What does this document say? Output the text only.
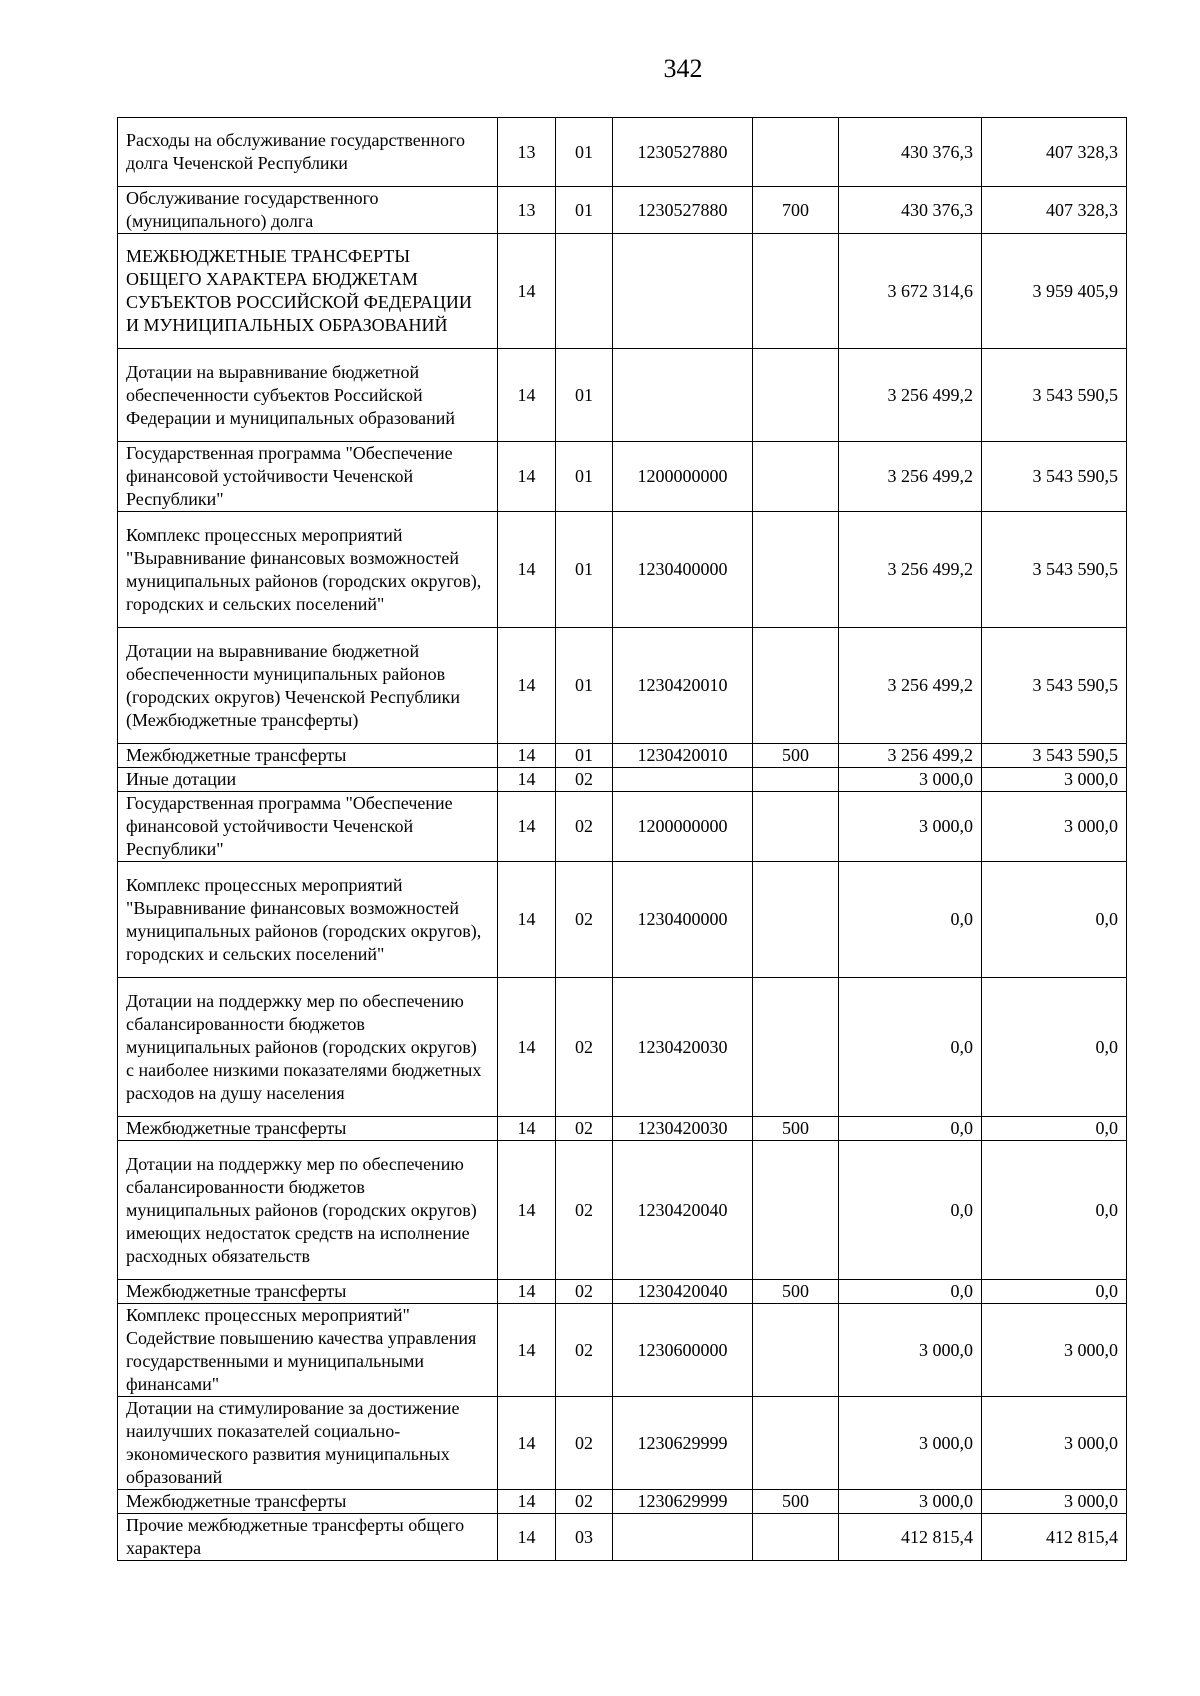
342
Расходы на обслуживание государственного долга Чеченской Республики	13	01	1230527880		430 376,3	407 328,3
Обслуживание государственного (муниципального) долга	13	01	1230527880	700	430 376,3	407 328,3
МЕЖБЮДЖЕТНЫЕ ТРАНСФЕРТЫ ОБЩЕГО ХАРАКТЕРА БЮДЖЕТАМ СУБЪЕКТОВ РОССИЙСКОЙ ФЕДЕРАЦИИ И МУНИЦИПАЛЬНЫХ ОБРАЗОВАНИЙ	14				3 672 314,6	3 959 405,9
Дотации на выравнивание бюджетной обеспеченности субъектов Российской Федерации и муниципальных образований	14	01			3 256 499,2	3 543 590,5
Государственная программа "Обеспечение финансовой устойчивости Чеченской Республики"	14	01	1200000000		3 256 499,2	3 543 590,5
Комплекс процессных мероприятий "Выравнивание финансовых возможностей муниципальных районов (городских округов), городских и сельских поселений"	14	01	1230400000		3 256 499,2	3 543 590,5
Дотации на выравнивание бюджетной обеспеченности муниципальных районов (городских округов) Чеченской Республики (Межбюджетные трансферты)	14	01	1230420010		3 256 499,2	3 543 590,5
Межбюджетные трансферты	14	01	1230420010	500	3 256 499,2	3 543 590,5
Иные дотации	14	02			3 000,0	3 000,0
Государственная программа "Обеспечение финансовой устойчивости Чеченской Республики"	14	02	1200000000		3 000,0	3 000,0
Комплекс процессных мероприятий "Выравнивание финансовых возможностей муниципальных районов (городских округов), городских и сельских поселений"	14	02	1230400000		0,0	0,0
Дотации на поддержку мер по обеспечению сбалансированности бюджетов муниципальных районов (городских округов) с наиболее низкими показателями бюджетных расходов на душу населения	14	02	1230420030		0,0	0,0
Межбюджетные трансферты	14	02	1230420030	500	0,0	0,0
Дотации на поддержку мер по обеспечению сбалансированности бюджетов муниципальных районов (городских округов) имеющих недостаток средств на исполнение расходных обязательств	14	02	1230420040		0,0	0,0
Межбюджетные трансферты	14	02	1230420040	500	0,0	0,0
Комплекс процессных мероприятий" Содействие повышению качества управления государственными и муниципальными финансами"	14	02	1230600000		3 000,0	3 000,0
Дотации на стимулирование за достижение наилучших показателей социально-экономического развития муниципальных образований	14	02	1230629999		3 000,0	3 000,0
Межбюджетные трансферты	14	02	1230629999	500	3 000,0	3 000,0
Прочие межбюджетные трансферты общего характера	14	03			412 815,4	412 815,4
